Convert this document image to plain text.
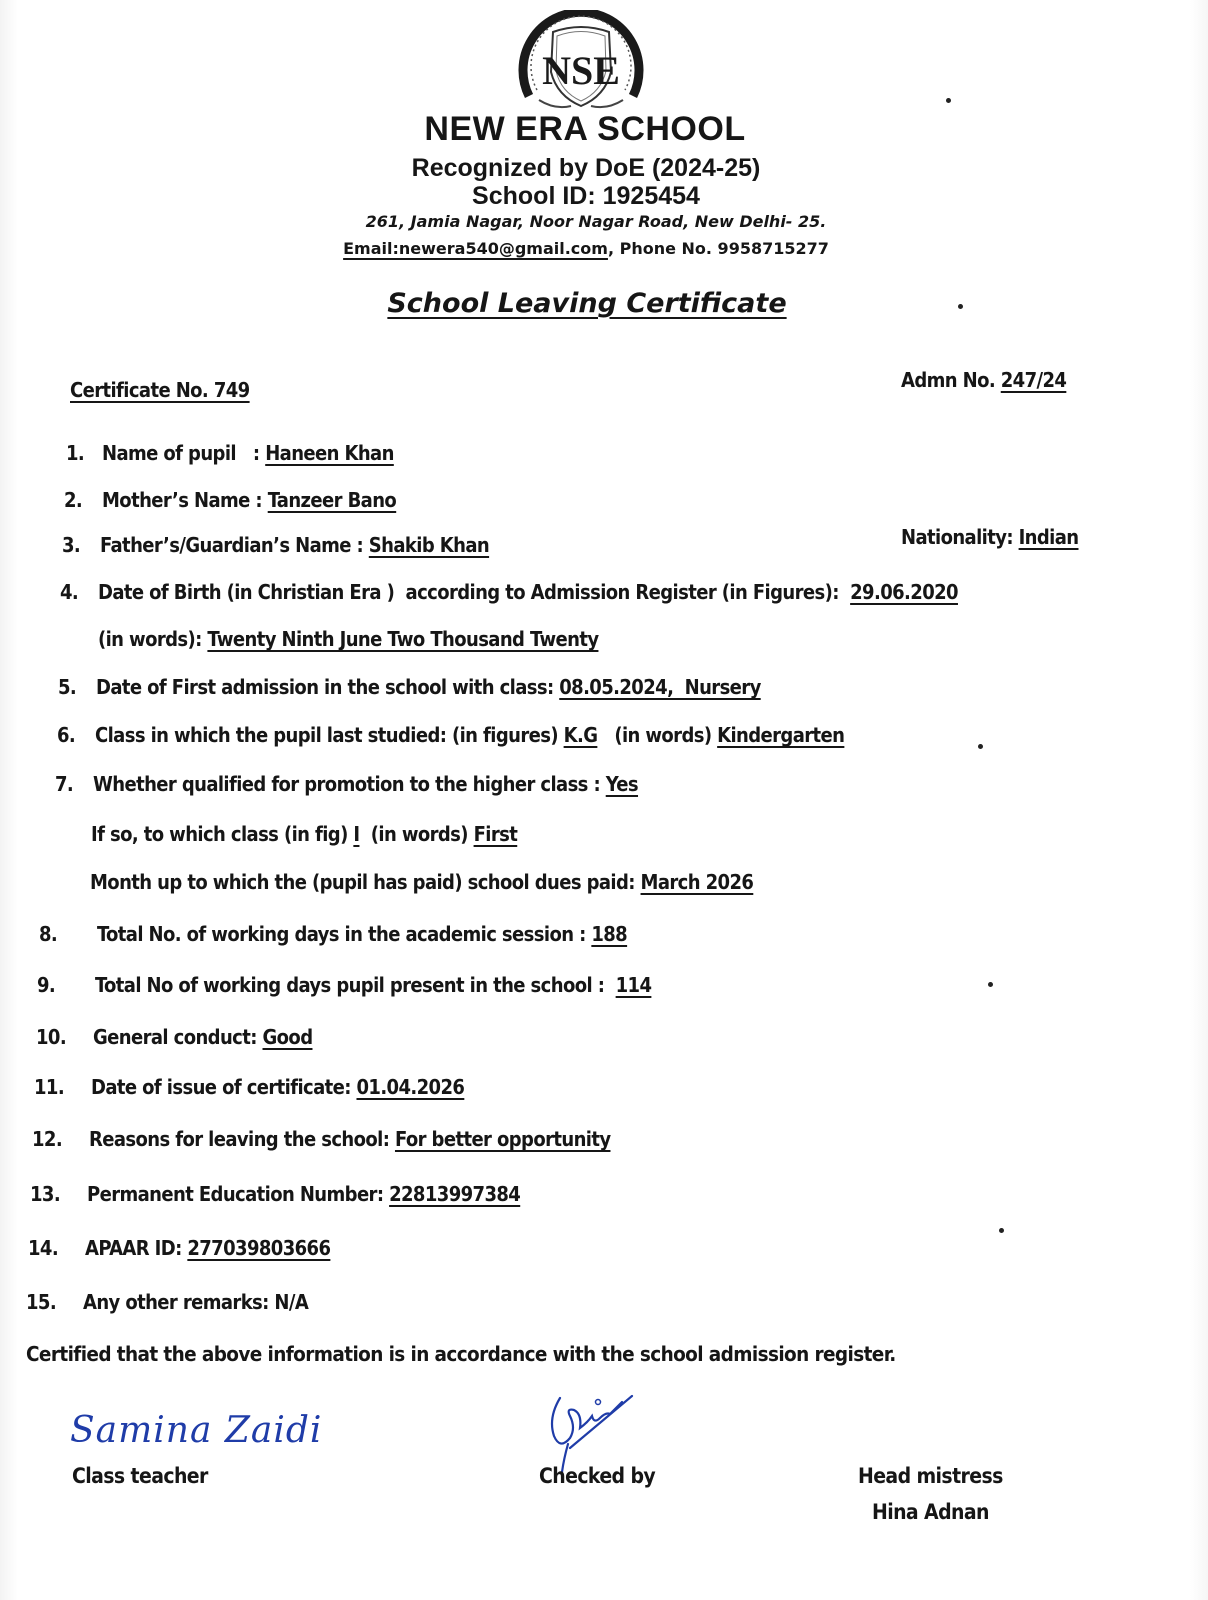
NSE
NEW ERA SCHOOL
Recognized by DoE (2024-25)
School ID: 1925454
261, Jamia Nagar, Noor Nagar Road, New Delhi- 25.
Email:newera540@gmail.com, Phone No. 9958715277
School Leaving Certificate
Certificate No. 749	Admn No. 247/24
1. Name of pupil   : Haneen Khan
2. Mother’s Name : Tanzeer Bano
3. Father’s/Guardian’s Name : Shakib Khan	Nationality: Indian
4. Date of Birth (in Christian Era )  according to Admission Register (in Figures):  29.06.2020
(in words): Twenty Ninth June Two Thousand Twenty
5. Date of First admission in the school with class: 08.05.2024,  Nursery
6. Class in which the pupil last studied: (in figures) K.G   (in words) Kindergarten
7. Whether qualified for promotion to the higher class : Yes
If so, to which class (in fig) I  (in words) First
Month up to which the (pupil has paid) school dues paid: March 2026
8. Total No. of working days in the academic session : 188
9. Total No of working days pupil present in the school :  114
10. General conduct: Good
11. Date of issue of certificate: 01.04.2026
12. Reasons for leaving the school: For better opportunity
13. Permanent Education Number: 22813997384
14. APAAR ID: 277039803666
15. Any other remarks: N/A
Certified that the above information is in accordance with the school admission register.
Samina Zaidi
Class teacher	Checked by	Head mistress
Hina Adnan
